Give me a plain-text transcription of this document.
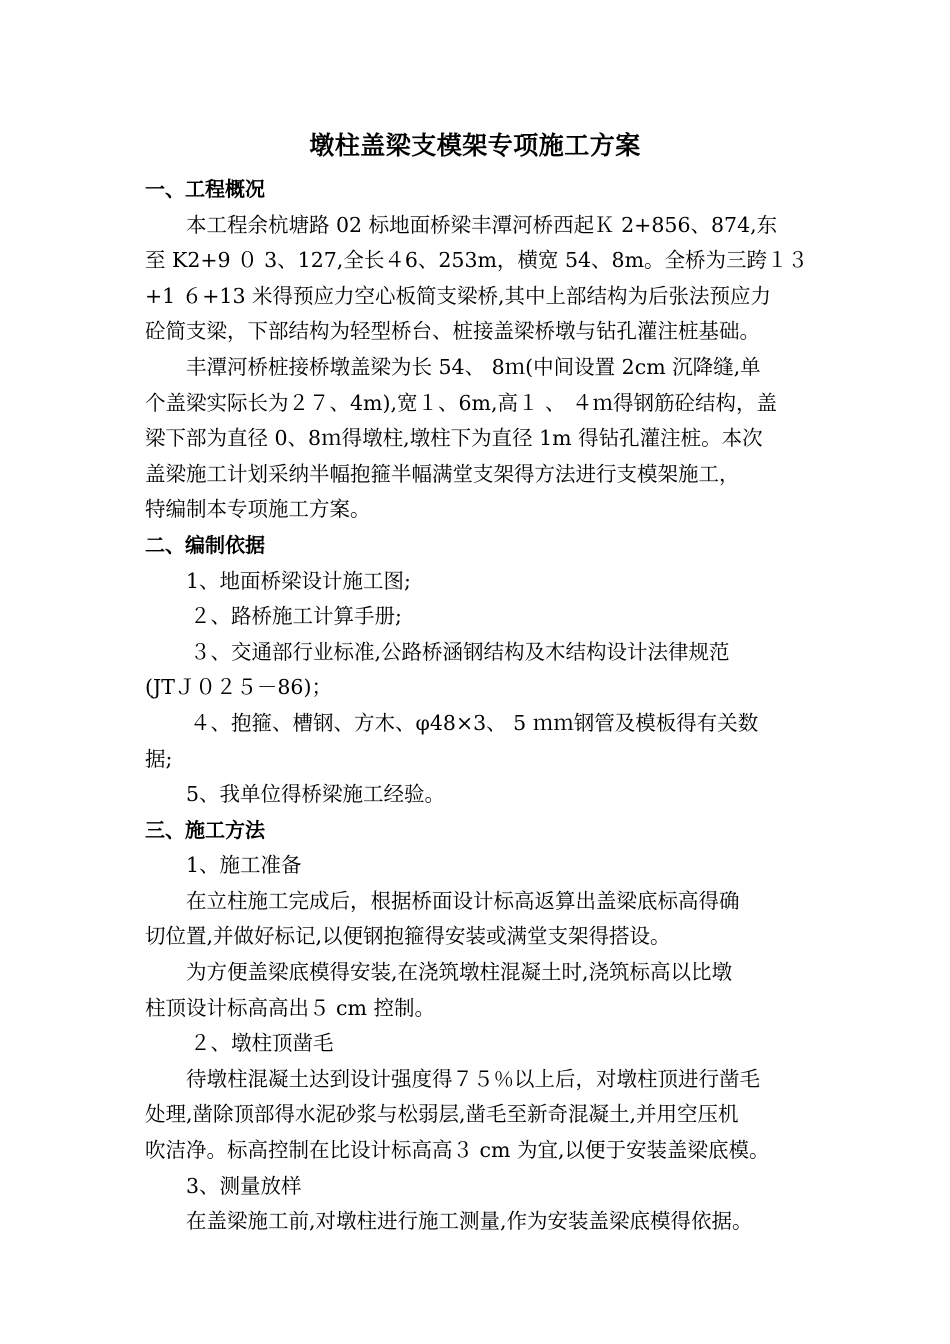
墩柱盖梁支模架专项施工方案
一、工程概况
本工程余杭塘路 02 标地面桥梁丰潭河桥西起Ｋ 2+856、874,东
至 K2+9 ０ 3、127,全长４6、253m，横宽 54、8m。全桥为三跨１３
+1 ６+13 米得预应力空心板简支梁桥,其中上部结构为后张法预应力
砼简支梁，下部结构为轻型桥台、桩接盖梁桥墩与钻孔灌注桩基础。
丰潭河桥桩接桥墩盖梁为长 54、 8ｍ(中间设置 2cm 沉降缝,单
个盖梁实际长为２７、4m),宽１、6m,高１ 、 ４ｍ得钢筋砼结构，盖
梁下部为直径 0、8ｍ得墩柱,墩柱下为直径 1m 得钻孔灌注桩。本次
盖梁施工计划采纳半幅抱箍半幅满堂支架得方法进行支模架施工，
特编制本专项施工方案。
二、编制依据
1、地面桥梁设计施工图;
２、路桥施工计算手册;
３、交通部行业标准,公路桥涵钢结构及木结构设计法律规范
(JTＪ０２５－86)；
４、抱箍、槽钢、方木、φ48×3、 5 ｍｍ钢管及模板得有关数
据;
5、我单位得桥梁施工经验。
三、施工方法
1、施工准备
在立柱施工完成后，根据桥面设计标高返算出盖梁底标高得确
切位置,并做好标记,以便钢抱箍得安装或满堂支架得搭设。
为方便盖梁底模得安装,在浇筑墩柱混凝土时,浇筑标高以比墩
柱顶设计标高高出５ cm 控制。
２、墩柱顶凿毛
待墩柱混凝土达到设计强度得７５％以上后，对墩柱顶进行凿毛
处理,凿除顶部得水泥砂浆与松弱层,凿毛至新奇混凝土,并用空压机
吹洁净。标高控制在比设计标高高３ cm 为宜,以便于安装盖梁底模。
3、测量放样
在盖梁施工前,对墩柱进行施工测量,作为安装盖梁底模得依据。
